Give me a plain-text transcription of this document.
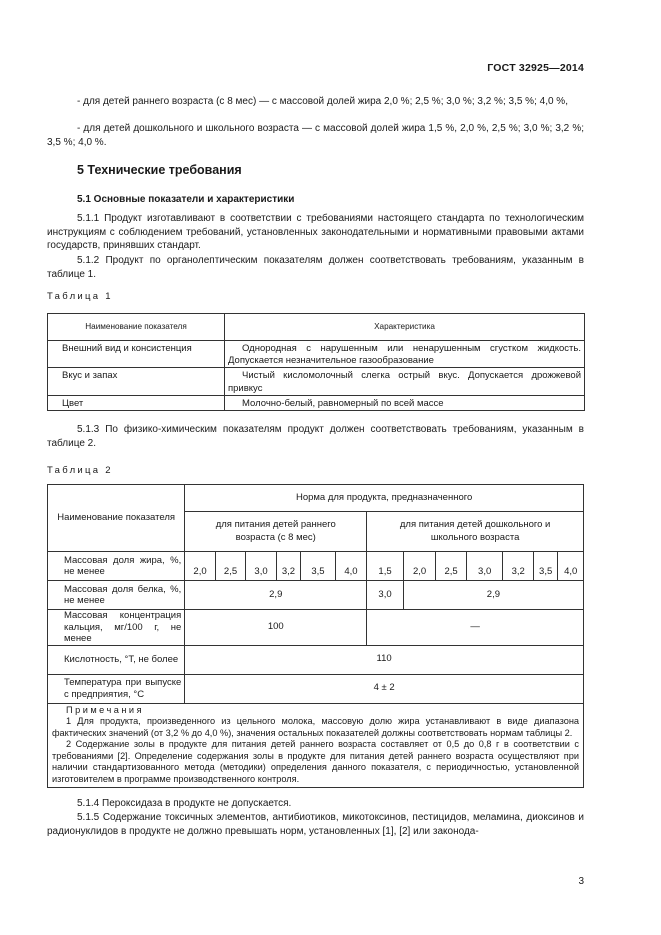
ГОСТ 32925—2014

- для детей раннего возраста (с 8 мес) — с массовой долей жира 2,0 %; 2,5 %; 3,0 %; 3,2 %; 3,5 %; 4,0 %,

- для детей дошкольного и школьного возраста — с массовой долей жира 1,5 %, 2,0 %, 2,5 %; 3,0 %; 3,2 %; 3,5 %; 4,0 %.

5 Технические требования
5.1 Основные показатели и характеристики

5.1.1 Продукт изготавливают в соответствии с требованиями настоящего стандарта по технологическим инструкциям с соблюдением требований, установленных законодательными и нормативными правовыми актами государств, принявших стандарт.

5.1.2 Продукт по органолептическим показателям должен соответствовать требованиям, указанным в таблице 1.

Таблица 1
Наименование показателя	Характеристика
Внешний вид и консистенция	Однородная с нарушенным или ненарушенным сгустком жидкость. Допускается незначительное газообразование
Вкус и запах	Чистый кисломолочный слегка острый вкус. Допускается дрожжевой привкус
Цвет	Молочно-белый, равномерный по всей массе

5.1.3 По физико-химическим показателям продукт должен соответствовать требованиям, указанным в таблице 2.

Таблица 2
Наименование показателя	Норма для продукта, предназначенного												
	для питания детей раннего возраста (с 8 мес)						для питания детей дошкольного и школьного возраста						
Массовая доля жира, %, не менее	2,0	2,5	3,0	3,2	3,5	4,0	1,5	2,0	2,5	3,0	3,2	3,5	4,0
Массовая доля белка, %, не менее	2,9						3,0	2,9					
Массовая концентрация кальция, мг/100 г, не менее	100						—						
Кислотность, °Т, не более	110												
Температура при выпуске с предприятия, °С	4 ± 2												

Примечания
1 Для продукта, произведенного из цельного молока, массовую долю жира устанавливают в виде диапазона фактических значений (от 3,2 % до 4,0 %), значения остальных показателей должны соответствовать нормам таблицы 2.
2 Содержание золы в продукте для питания детей раннего возраста составляет от 0,5 до 0,8 г в соответствии с требованиями [2]. Определение содержания золы в продукте для питания детей раннего возраста осуществляют при наличии стандартизованного метода (методики) определения данного показателя, с периодичностью, установленной изготовителем в программе производственного контроля.													

5.1.4 Пероксидаза в продукте не допускается.

5.1.5 Содержание токсичных элементов, антибиотиков, микотоксинов, пестицидов, меламина, диоксинов и радионуклидов в продукте не должно превышать норм, установленных [1], [2] или законода-

3
